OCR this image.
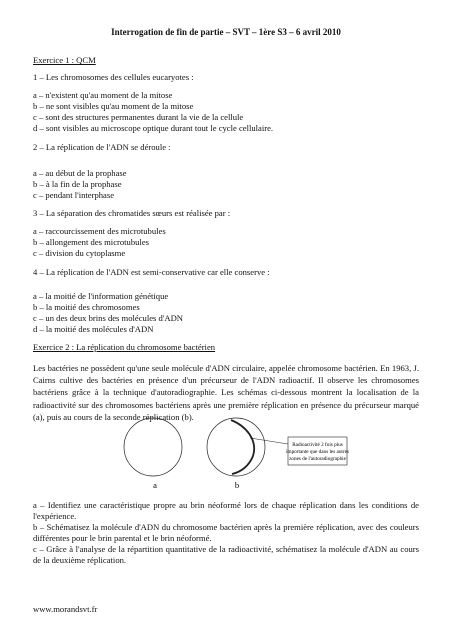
Interrogation de fin de partie – SVT – 1ère S3 – 6 avril 2010
Exercice 1 : QCM
1 – Les chromosomes des cellules eucaryotes :
a – n'existent qu'au moment de la mitose
b – ne sont visibles qu'au moment de la mitose
c – sont des structures permanentes durant la vie de la cellule
d – sont visibles au microscope optique durant tout le cycle cellulaire.
2 – La réplication de l'ADN se déroule :
a – au début de la prophase
b – à la fin de la prophase
c – pendant l'interphase
3 – La séparation des chromatides sœurs est réalisée par :
a – raccourcissement des microtubules
b – allongement des microtubules
c – division du cytoplasme
4 – La réplication de l'ADN est semi-conservative car elle conserve :
a – la moitié de l'information génétique
b – la moitié des chromosomes
c – un des deux brins des molécules d'ADN
d – la moitié des molécules d'ADN
Exercice 2 : La réplication du chromosome bactérien
Les bactéries ne possèdent qu'une seule molécule d'ADN circulaire, appelée chromosome bactérien. En 1963, J. Cairns cultive des bactéries en présence d'un précurseur de l'ADN radioactif. Il observe les chromosomes bactériens grâce à la technique d'autoradiographie. Les schémas ci-dessous montrent la localisation de la radioactivité sur des chromosomes bactériens après une première réplication en présence du précurseur marqué (a), puis au cours de la seconde réplication (b).
Radioactivité 2 fois plus
importante que dans les autres
zones de l'autoradiographie
a	b
a – Identifiez une caractéristique propre au brin néoformé lors de chaque réplication dans les conditions de l'expérience.
b – Schématisez la molécule d'ADN du chromosome bactérien après la première réplication, avec des couleurs différentes pour le brin parental et le brin néoformé.
c – Grâce à l'analyse de la répartition quantitative de la radioactivité, schématisez la molécule d'ADN au cours de la deuxième réplication.
www.morandsvt.fr
